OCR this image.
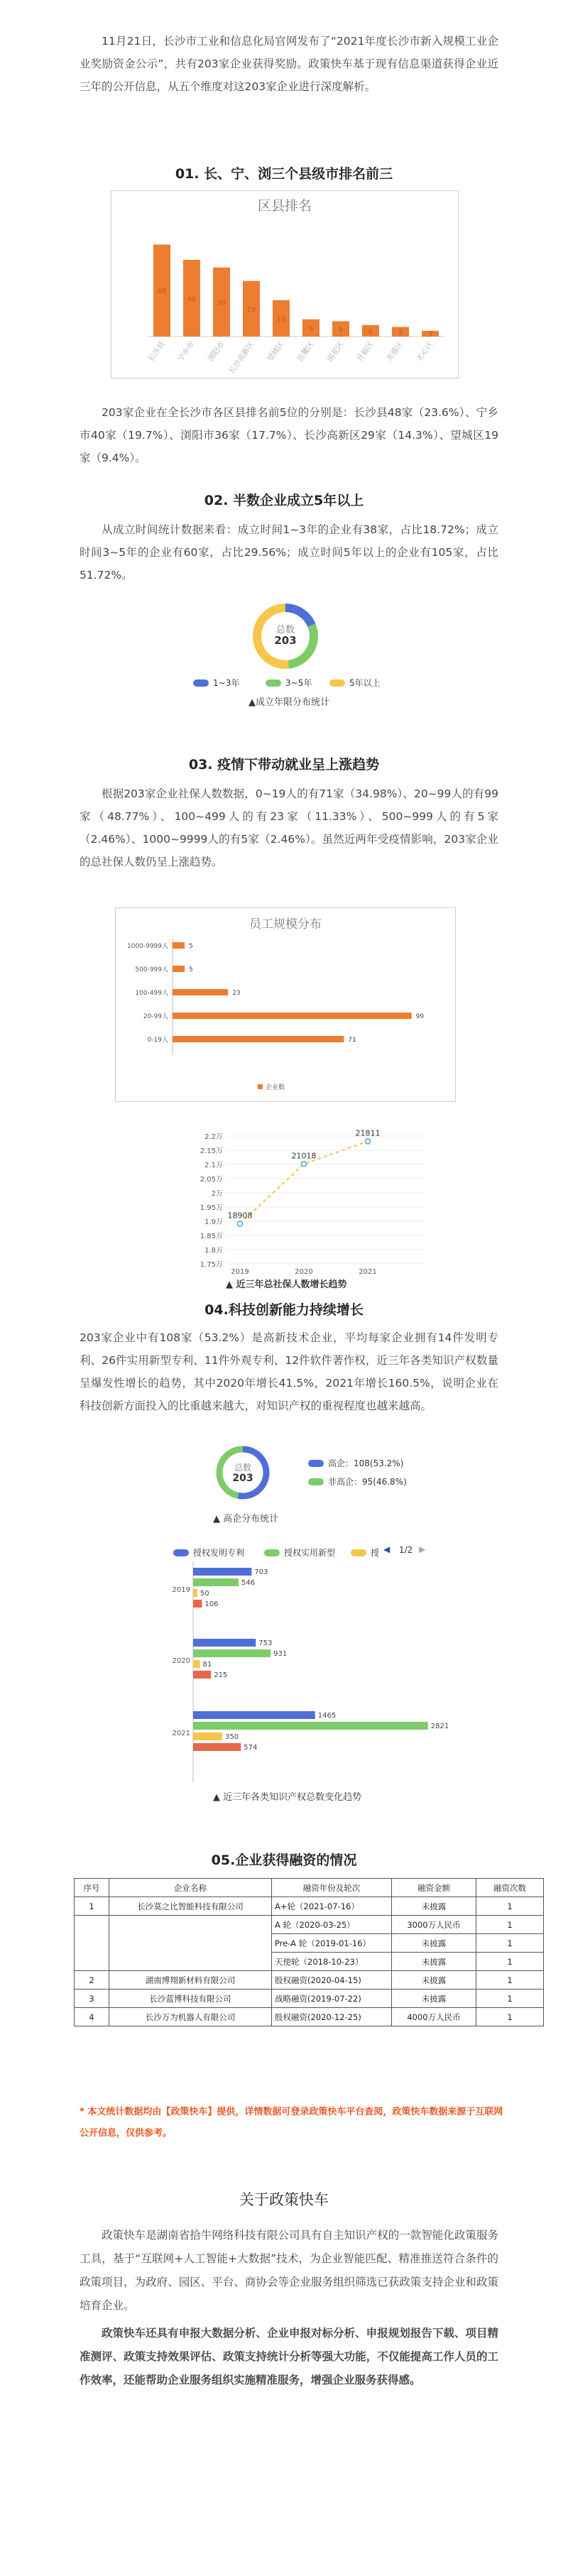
11月21日，长沙市工业和信息化局官网发布了“2021年度长沙市新入规模工业企业奖励资金公示”，共有203家企业获得奖励。政策快车基于现有信息渠道获得企业近三年的公开信息，从五个维度对这203家企业进行深度解析。
01. 长、宁、浏三个县级市排名前三
区县排名
48
长沙县
40
宁乡市
36
浏阳市
29
长沙高新区
19
望城区
9
岳麓区
8
雨花区
6
开福区
5
芙蓉区
3
天心区
203家企业在全长沙市各区县排名前5位的分别是：长沙县48家（23.6%）、宁乡市40家（19.7%）、浏阳市36家（17.7%）、长沙高新区29家（14.3%）、望城区19家（9.4%）。
02. 半数企业成立5年以上
从成立时间统计数据来看：成立时间1~3年的企业有38家，占比18.72%；成立时间3~5年的企业有60家，占比29.56%；成立时间5年以上的企业有105家，占比51.72%。
总数
203
1~3年	3~5年	5年以上
▲成立年限分布统计
03. 疫情下带动就业呈上涨趋势
根据203家企业社保人数数据，0~19人的有71家（34.98%）、20~99人的有99家（48.77%）、100~499人的有23家（11.33%）、500~999人的有5家（2.46%）、1000~9999人的有5家（2.46%）。虽然近两年受疫情影响，203家企业的总社保人数仍呈上涨趋势。
员工规模分布
1000-9999人	5
500-999人	5
100-499人	23
20-99人	99
0-19人	71
企业数
1.75万
1.8万
1.85万
1.9万
1.95万
2万
2.05万
2.1万
2.15万
2.2万
18908
2019
21018
2020
21811
2021
▲ 近三年总社保人数增长趋势
04.科技创新能力持续增长
203家企业中有108家（53.2%）是高新技术企业，平均每家企业拥有14件发明专利、26件实用新型专利、11件外观专利、12件软件著作权，近三年各类知识产权数量呈爆发性增长的趋势，其中2020年增长41.5%，2021年增长160.5%，说明企业在科技创新方面投入的比重越来越大，对知识产权的重视程度也越来越高。
总数
203
高企：108(53.2%)
非高企：95(46.8%)
▲ 高企分布统计
授权发明专利	授权实用新型	授 ◀ 1/2 ▶
703
546
50
106
2019
753
931
81
215
2020
1465
2821
350
574
2021
▲ 近三年各类知识产权总数变化趋势
05.企业获得融资的情况
序号	企业名称	融资年份及轮次	融资金额	融资次数
1	长沙莫之比智能科技有限公司	A+轮（2021-07-16）	未披露	1
		A 轮（2020-03-25）	3000万人民币	1
		Pre-A 轮（2019-01-16）	未披露	1
		天使轮（2018-10-23）	未披露	1
2	湖南博翔新材料有限公司	股权融资(2020-04-15)	未披露	1
3	长沙蓝博科技有限公司	战略融资(2019-07-22)	未披露	1
4	长沙万为机器人有限公司	股权融资(2020-12-25)	4000万人民币	1
* 本文统计数据均由【政策快车】提供，详情数据可登录政策快车平台查阅，政策快车数据来源于互联网公开信息，仅供参考。
关于政策快车
政策快车是湖南省拾牛网络科技有限公司具有自主知识产权的一款智能化政策服务工具，基于“互联网+人工智能+大数据”技术，为企业智能匹配、精准推送符合条件的政策项目，为政府、园区、平台、商协会等企业服务组织筛选已获政策支持企业和政策培育企业。
政策快车还具有申报大数据分析、企业申报对标分析、申报规划报告下载、项目精准测评、政策支持效果评估、政策支持统计分析等强大功能，不仅能提高工作人员的工作效率，还能帮助企业服务组织实施精准服务，增强企业服务获得感。
